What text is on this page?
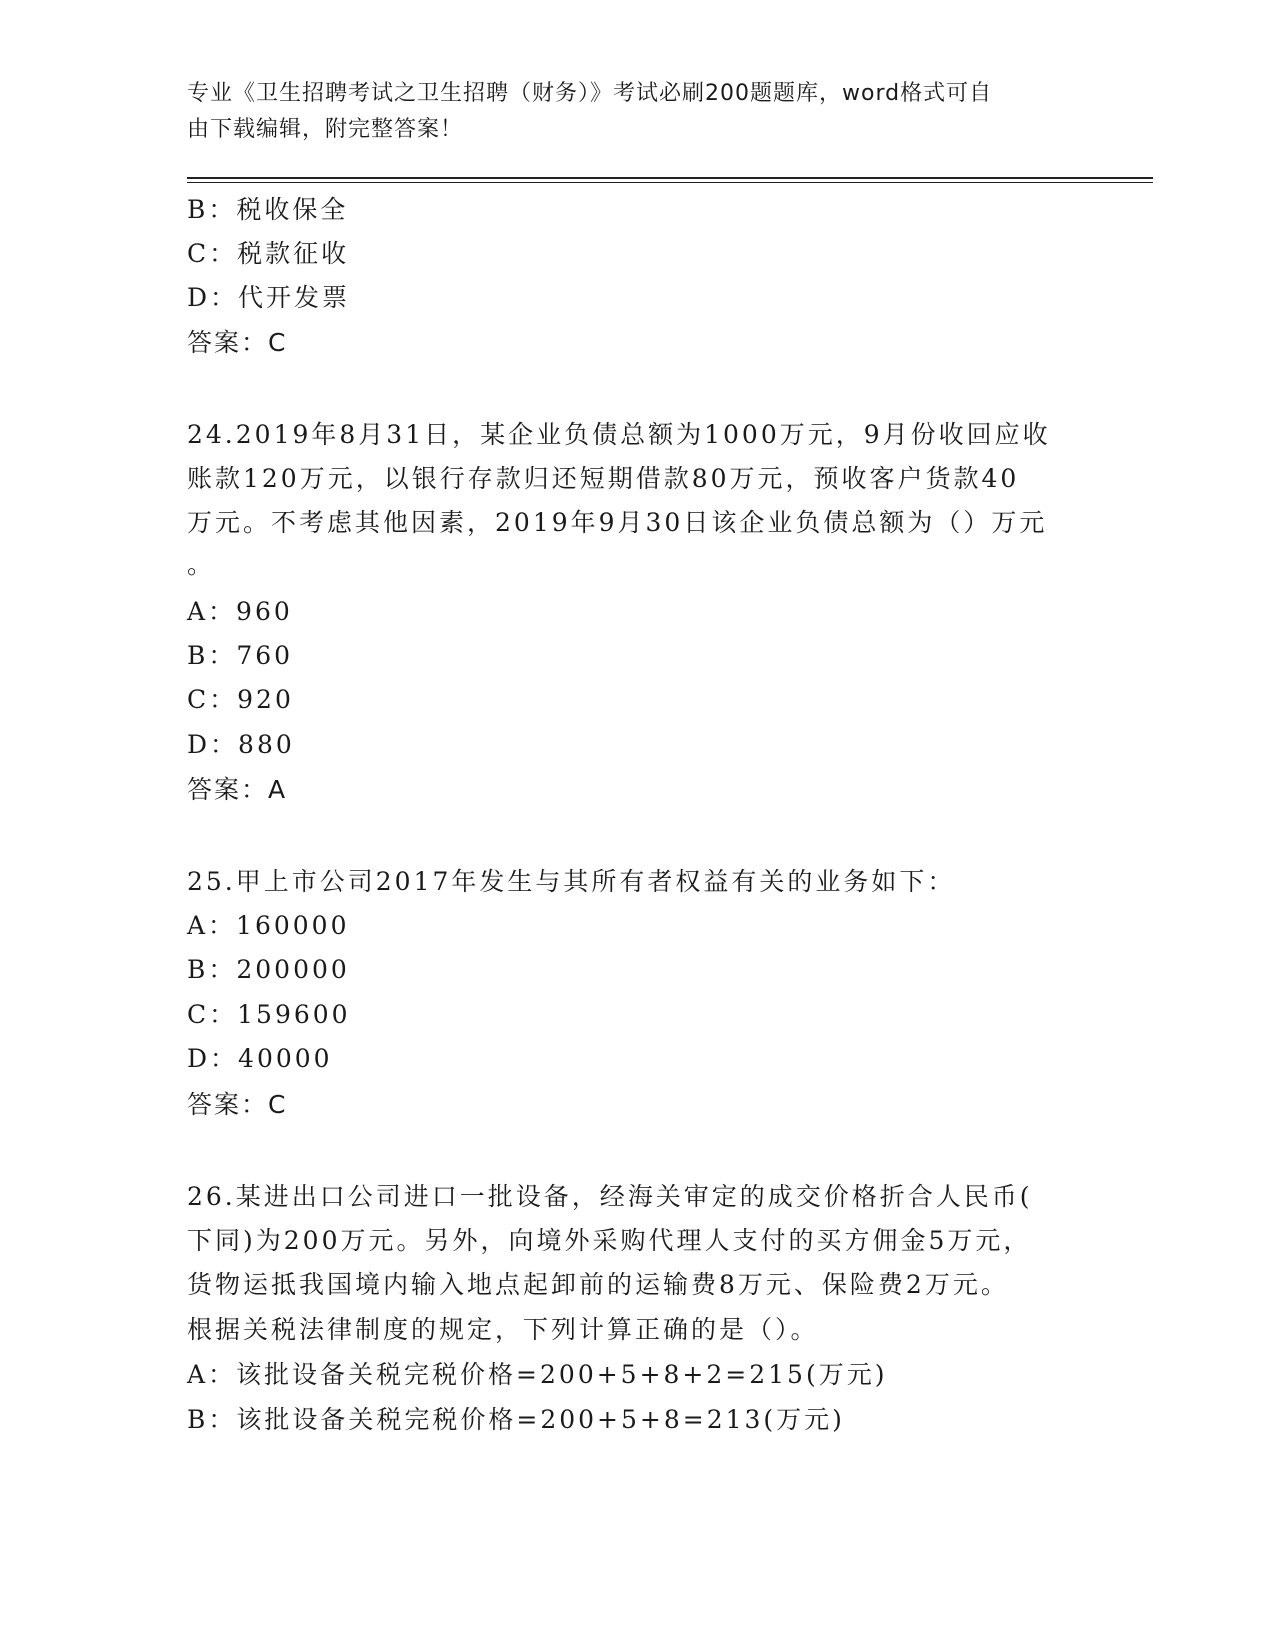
专业《卫生招聘考试之卫生招聘（财务）》考试必刷200题题库，word格式可自
由下载编辑，附完整答案！
B：税收保全
C：税款征收
D：代开发票
答案：C
24.2019年8月31日，某企业负债总额为1000万元，9月份收回应收
账款120万元，以银行存款归还短期借款80万元，预收客户货款40
万元。不考虑其他因素，2019年9月30日该企业负债总额为（）万元
。
A：960
B：760
C：920
D：880
答案：A
25.甲上市公司2017年发生与其所有者权益有关的业务如下：
A：160000
B：200000
C：159600
D：40000
答案：C
26.某进出口公司进口一批设备，经海关审定的成交价格折合人民币(
下同)为200万元。另外，向境外采购代理人支付的买方佣金5万元，
货物运抵我国境内输入地点起卸前的运输费8万元、保险费2万元。
根据关税法律制度的规定，下列计算正确的是（）。
A：该批设备关税完税价格=200+5+8+2=215(万元)
B：该批设备关税完税价格=200+5+8=213(万元)
